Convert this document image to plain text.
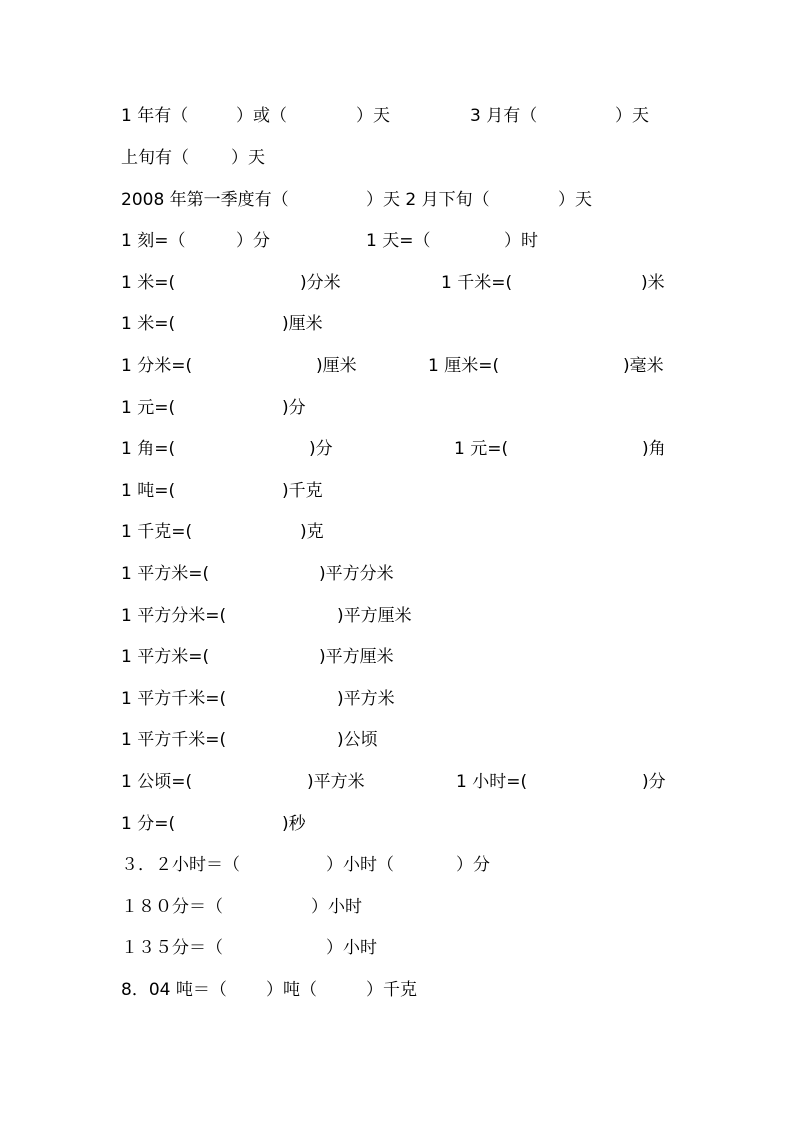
1 年有（	）或（	）天	3 月有（	）天
上旬有（ ）天
2008 年第一季度有（	）天 2 月下旬（	）天
1 刻=（	）分	1 天=（	）时
1 米=(	)分米	1 千米=(	)米
1 米=(	)厘米
1 分米=(	)厘米	1 厘米=(	)毫米
1 元=(	)分
1 角=(	)分	1 元=(	)角
1 吨=(	)千克
1 千克=(	)克
1 平方米=(	)平方分米
1 平方分米=(	)平方厘米
1 平方米=(	)平方厘米
1 平方千米=(	)平方米
1 平方千米=(	)公顷
1 公顷=(	)平方米	1 小时=(	)分
1 分=(	)秒
３．２小时＝（	）小时（	）分
１８０分＝（	）小时
１３５分＝（	）小时
8．04 吨＝（ ）吨（	）千克
